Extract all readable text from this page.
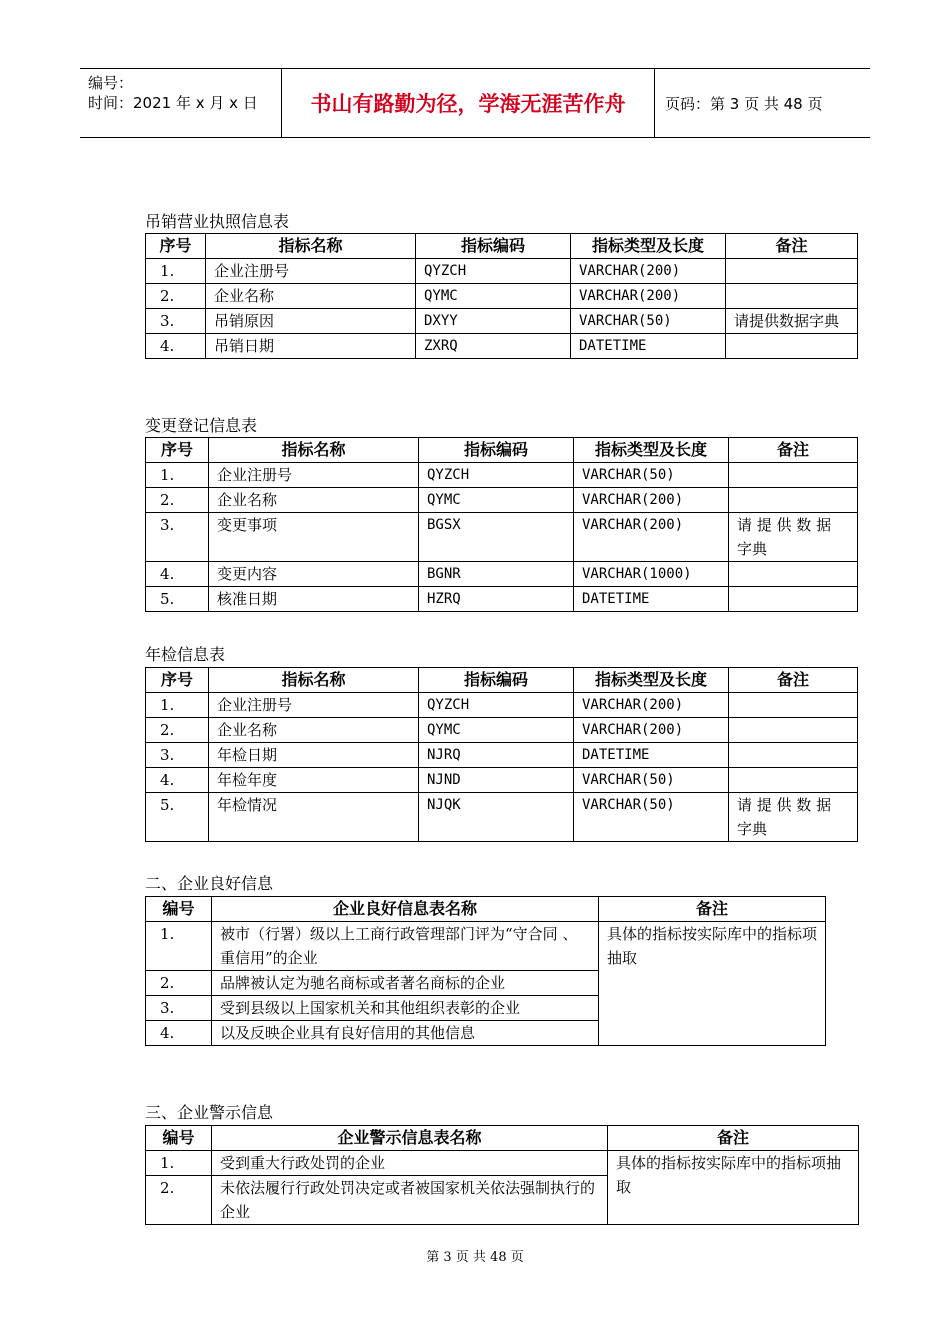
编号：
时间：2021 年 x 月 x 日	书山有路勤为径，学海无涯苦作舟	页码：第 3 页 共 48 页
吊销营业执照信息表
序号	指标名称	指标编码	指标类型及长度	备注
1.	企业注册号	QYZCH	VARCHAR(200)	
2.	企业名称	QYMC	VARCHAR(200)	
3.	吊销原因	DXYY	VARCHAR(50)	请提供数据字典
4.	吊销日期	ZXRQ	DATETIME	
变更登记信息表
序号	指标名称	指标编码	指标类型及长度	备注
1.	企业注册号	QYZCH	VARCHAR(50)	
2.	企业名称	QYMC	VARCHAR(200)	
3.	变更事项	BGSX	VARCHAR(200)	请 提 供 数 据 字典
4.	变更内容	BGNR	VARCHAR(1000)	
5.	核准日期	HZRQ	DATETIME	
年检信息表
序号	指标名称	指标编码	指标类型及长度	备注
1.	企业注册号	QYZCH	VARCHAR(200)	
2.	企业名称	QYMC	VARCHAR(200)	
3.	年检日期	NJRQ	DATETIME	
4.	年检年度	NJND	VARCHAR(50)	
5.	年检情况	NJQK	VARCHAR(50)	请 提 供 数 据 字典
二、企业良好信息
编号	企业良好信息表名称	备注
1.	被市（行署）级以上工商行政管理部门评为“守合同 、重信用”的企业	具体的指标按实际库中的指标项抽取
2.	品牌被认定为驰名商标或者著名商标的企业	
3.	受到县级以上国家机关和其他组织表彰的企业	
4.	以及反映企业具有良好信用的其他信息	
三、企业警示信息
编号	企业警示信息表名称	备注
1.	受到重大行政处罚的企业	具体的指标按实际库中的指标项抽取
2.	未依法履行行政处罚决定或者被国家机关依法强制执行的企业	
第 3 页 共 48 页
